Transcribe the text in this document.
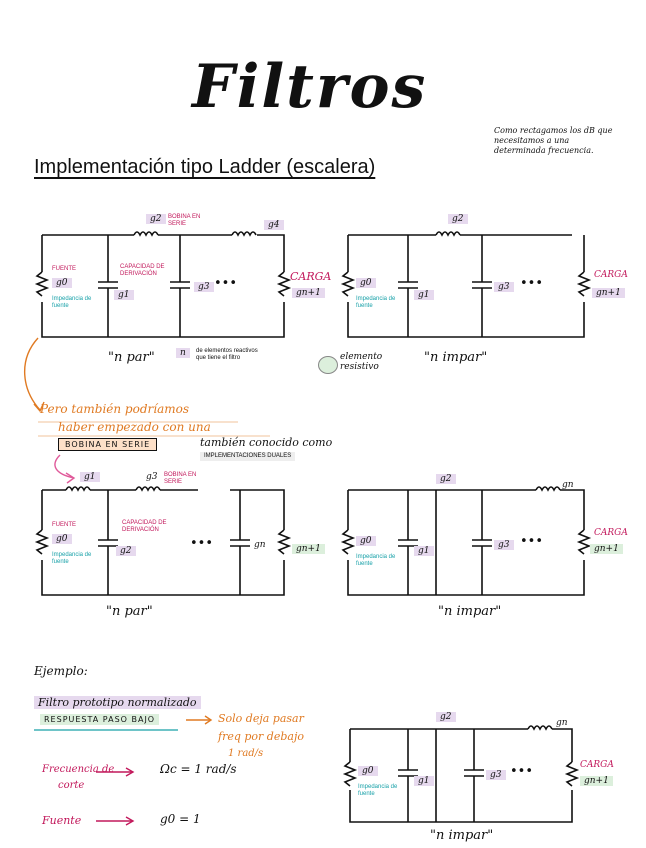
Filtros
Implementación tipo Ladder (escalera)
Como rectagamos los dB que necesitamos a una determinada frecuencia.
g2	BOBINA EN SERIE	g4
FUENTE
g0
Impedancia de fuente
CAPACIDAD DE DERIVACIÓN
g1
g3 •••	CARGA
gn+1
"n par"	n	de elementos reactivos que tiene el filtro	elemento resistivo
g2
g0
Impedancia de fuente
g1
g3 •••
CARGA
gn+1
"n impar"
Pero también podríamos
haber empezado con una
BOBINA EN SERIE	también conocido como
IMPLEMENTACIONES DUALES
g1	g3 BOBINA EN SERIE
FUENTE
g0
Impedancia de fuente
CAPACIDAD DE DERIVACIÓN
g2	•••	gn	gn+1
"n par"
g2
gn
g0
Impedancia de fuente
g1
g3 •••
CARGA
gn+1
"n impar"
Ejemplo:
Filtro prototipo normalizado
RESPUESTA PASO BAJO	Solo deja pasar
freq por debajo
1 rad/s
Frecuencia de
corte
Ωc = 1 rad/s
Fuente	g0 = 1
g2
gn
g0
Impedancia de fuente
g1
g3 •••	CARGA
gn+1
"n impar"
